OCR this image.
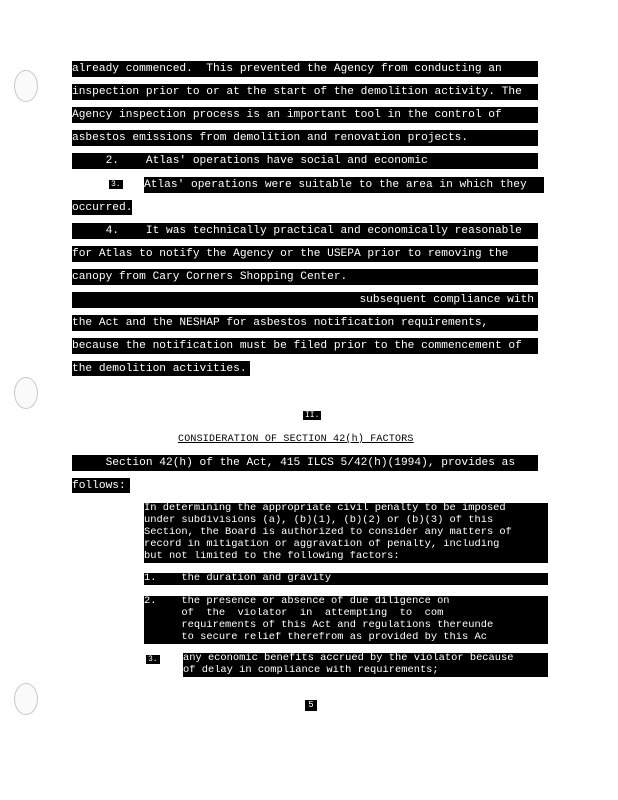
already commenced.  This prevented the Agency from conducting an
inspection prior to or at the start of the demolition activity. The
Agency inspection process is an important tool in the control of
asbestos emissions from demolition and renovation projects.
2.    Atlas' operations have social and economic
3. Atlas' operations were suitable to the area in which they
occurred.
4.    It was technically practical and economically reasonable
for Atlas to notify the Agency or the USEPA prior to removing the
canopy from Cary Corners Shopping Center.

subsequent compliance with

the Act and the NESHAP for asbestos notification requirements,
because the notification must be filed prior to the commencement of
the demolition activities.
II.
CONSIDERATION OF SECTION 42(h) FACTORS
Section 42(h) of the Act, 415 ILCS 5/42(h)(1994), provides as
follows:
In determining the appropriate civil penalty to be imposed
under subdivisions (a), (b)(1), (b)(2) or (b)(3) of this
Section, the Board is authorized to consider any matters of
record in mitigation or aggravation of penalty, including
but not limited to the following factors:
1.    the duration and gravity
2.    the presence or absence of due diligence on
of  the  violator  in  attempting  to  com
requirements of this Act and regulations thereunde
to secure relief therefrom as provided by this Ac
3. any economic benefits accrued by the violator because
of delay in compliance with requirements;
5
